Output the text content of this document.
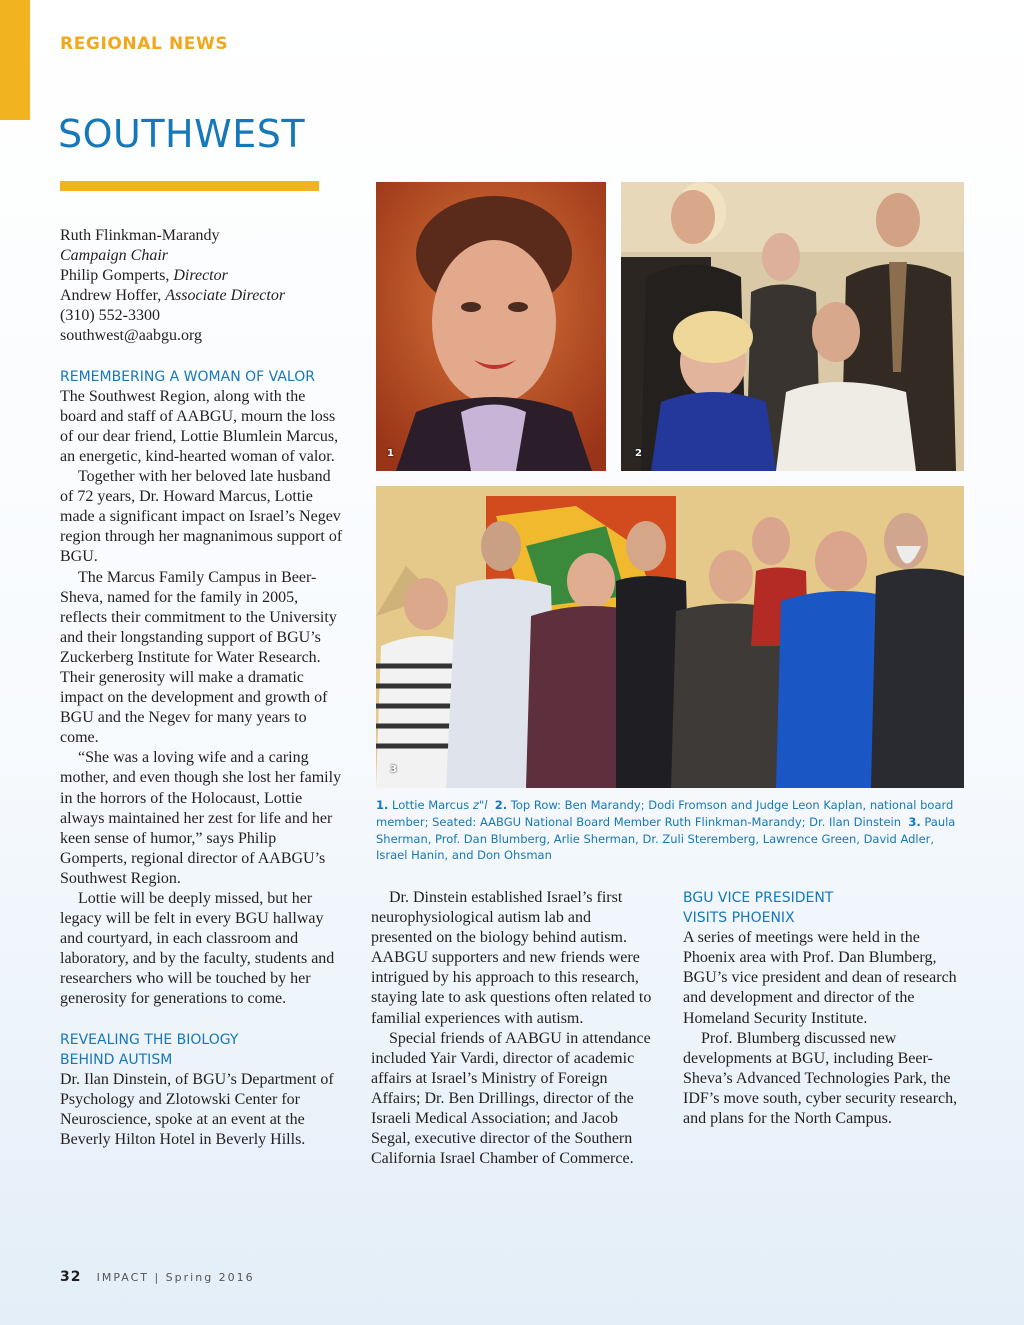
REGIONAL NEWS
SOUTHWEST

Ruth Flinkman-Marandy

Campaign Chair

Philip Gomperts, Director

Andrew Hoffer, Associate Director

(310) 552-3300

southwest@aabgu.org

REMEMBERING A WOMAN OF VALOR

The Southwest Region, along with the board and staff of AABGU, mourn the loss of our dear friend, Lottie Blumlein Marcus, an energetic, kind-hearted woman of valor.

Together with her beloved late husband of 72 years, Dr. Howard Marcus, Lottie made a significant impact on Israel’s Negev region through her magnanimous support of BGU.

The Marcus Family Campus in Beer-Sheva, named for the family in 2005, reflects their commitment to the University and their longstanding support of BGU’s Zuckerberg Institute for Water Research. Their generosity will make a dramatic impact on the development and growth of BGU and the Negev for many years to come.

“She was a loving wife and a caring mother, and even though she lost her family in the horrors of the Holocaust, Lottie always maintained her zest for life and her keen sense of humor,” says Philip Gomperts, regional director of AABGU’s Southwest Region.

Lottie will be deeply missed, but her legacy will be felt in every BGU hallway and courtyard, in each classroom and laboratory, and by the faculty, students and researchers who will be touched by her generosity for generations to come.

REVEALING THE BIOLOGY
BEHIND AUTISM

Dr. Ilan Dinstein, of BGU’s Department of Psychology and Zlotowski Center for Neuroscience, spoke at an event at the Beverly Hilton Hotel in Beverly Hills.

1	2
3
1. Lottie Marcus z"l 2. Top Row: Ben Marandy; Dodi Fromson and Judge Leon Kaplan, national board member; Seated: AABGU National Board Member Ruth Flinkman-Marandy; Dr. Ilan Dinstein 3. Paula Sherman, Prof. Dan Blumberg, Arlie Sherman, Dr. Zuli Steremberg, Lawrence Green, David Adler, Israel Hanin, and Don Ohsman

Dr. Dinstein established Israel’s first neurophysiological autism lab and presented on the biology behind autism. AABGU supporters and new friends were intrigued by his approach to this research, staying late to ask questions often related to familial experiences with autism.

Special friends of AABGU in attendance included Yair Vardi, director of academic affairs at Israel’s Ministry of Foreign Affairs; Dr. Ben Drillings, director of the Israeli Medical Association; and Jacob Segal, executive director of the Southern California Israel Chamber of Commerce.

BGU VICE PRESIDENT
VISITS PHOENIX

A series of meetings were held in the Phoenix area with Prof. Dan Blumberg, BGU’s vice president and dean of research and development and director of the Homeland Security Institute.

Prof. Blumberg discussed new developments at BGU, including Beer-Sheva’s Advanced Technologies Park, the IDF’s move south, cyber security research, and plans for the North Campus.

32 IMPACT | Spring 2016
